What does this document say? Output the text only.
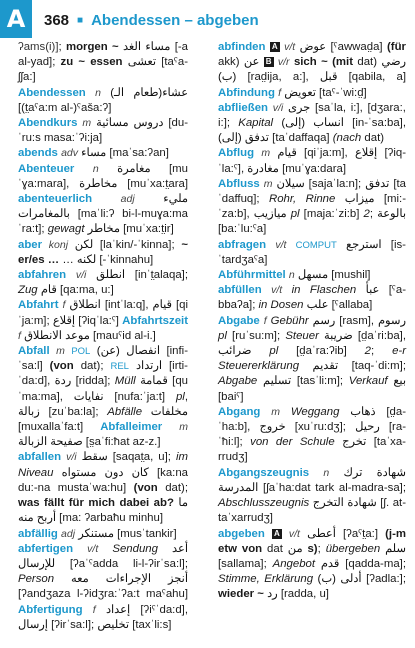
A	368 ■ Abendessen – abgeben

ʔams(i)]; morgen ~ مساء الغد [-a al-yad]; zu ~ essen تعشى [taˁa-ʃʃa:]

Abendessen n (طعام الـ)عشاء [(t̤aˁa:m al-)ˁaša:ʔ]

Abendkurs m دروس مسائية [du-ˈru:s masa:ˈʔi:ja]

abends adv مساء [maˈsa:ʔan]

Abenteuer n مغامرة [muˈɣa:mara], مخاطرة [muˈxa:t̤ara] abenteuerlich	adj	مليء بالمغامرات [maˈli:ʔ bi-l-muɣa:maˈra:t]; gewagt مخاطر [muˈxa:t̤ir]

aber konj لكن [laˈkin/-ˈkinna]; ~ er/es … … لكنه [-ˈkinnahu]

abfahren v/i انطلق [inˈt̤alaqa]; Zug قام [qa:ma, u:]

Abfahrt f انطلاق [intˈla:q], قيام [qiˈja:m]; إقلاع [ʔiqˈla:ˁ] Abfahrtszeit f موعد الانطلاق [mauˁid al-i.]

Abfall m POL (عن) انفصال [infi-ˈsa:l] (von dat); REL ارتداد [irti-ˈda:d], ردة [ridda]; Müll قمامة [quˈma:ma], نفايات [nufa:ˈja:t] pl, زبالة [zuˈba:la]; Abfälle مخلفات [muxallaˈfa:t] Abfalleimer m صفيحة الزبالة [s̤aˈfi:ħat az-z.]

abfallen v/i سقط [saqat̤a, u]; im Niveau كان دون مستواه [ka:na du:-na mustaˈwa:hu] (von dat); was fällt für mich dabei ab? ما أربح منه [ma: ʔarbaħu minhu]

abfällig adj مستنكر [musˈtankir]

abfertigen v/t Sendung أعد للإرسال [ʔaˈˁadda li-l-ʔirˈsa:l]; Person أنجز الإجراءات معه [ʔandʒaza l-ʔidʒra:ˈʔa:t maˁahu] Abfertigung f إعداد [ʔiˁˈda:d], إرسال [ʔirˈsa:l]; تخليص [taxˈli:s]

abfinden A v/t عوض [ˁawwad̤a] (für akk) عن B v/r sich ~ (mit dat) رضي (ب) [rad̤ija, a:], قبل [qabila, a] Abfindung f تعويض [taˁ-ˈwi:d̤]

abfließen v/i جرى [saˈla, i:], [dʒara:, i:]; Kapital (إلى) انساب [in-ˈsa:ba], تدفق (إلى) [taˈdaffaqa] (nach dat)

Abflug m قيام [qiˈja:m], إقلاع [ʔiq-ˈla:ˁ], مغادرة [muˈɣa:dara]

Abfluss m سيلان [sajaˈla:n]; تدفق [taˈdaffuq]; Rohr, Rinne ميزاب [mi:-ˈza:b], ميازيب pl [maja:ˈzi:b] 2; بالوعة [ba:ˈlu:ˁa]

abfragen v/t COMPUT استرجع [is-ˈtardʒaˁa]

Abführmittel n مسهل [mushil]

abfüllen v/t in Flaschen عبأ [ˁa-bbaʔa]; in Dosen علب [ˁallaba]

Abgabe f Gebühr رسم [rasm], رسوم pl [ruˈsu:m]; Steuer ضريبة [d̤aˈri:ba], ضرائب pl [d̤aˈra:ʔib] 2; e-r Steuererklärung تقديم [taq-ˈdi:m]; Abgabe تسليم [tasˈli:m]; Verkauf بيع [baiˁ]

Abgang m Weggang ذهاب [d̤a-ˈha:b], خروج [xuˈru:dʒ]; رحيل [ra-ˈħi:l]; von der Schule تخرج [taˈxa-rrudʒ]

Abgangszeugnis n شهادة ترك المدرسة [ʃaˈha:dat tark al-madra-sa]; Abschlusszeugnis شهادة التخرج [ʃ. at-taˈxarrudʒ]

abgeben A v/t أعطى [ʔaˁt̤a:] (j-m etw von dat من s); übergeben سلم [sallama]; Angebot قدم [qadda-ma]; Stimme, Erklärung أدلى (ب) [ʔadla:]; wieder ~ رد [radda, u]
